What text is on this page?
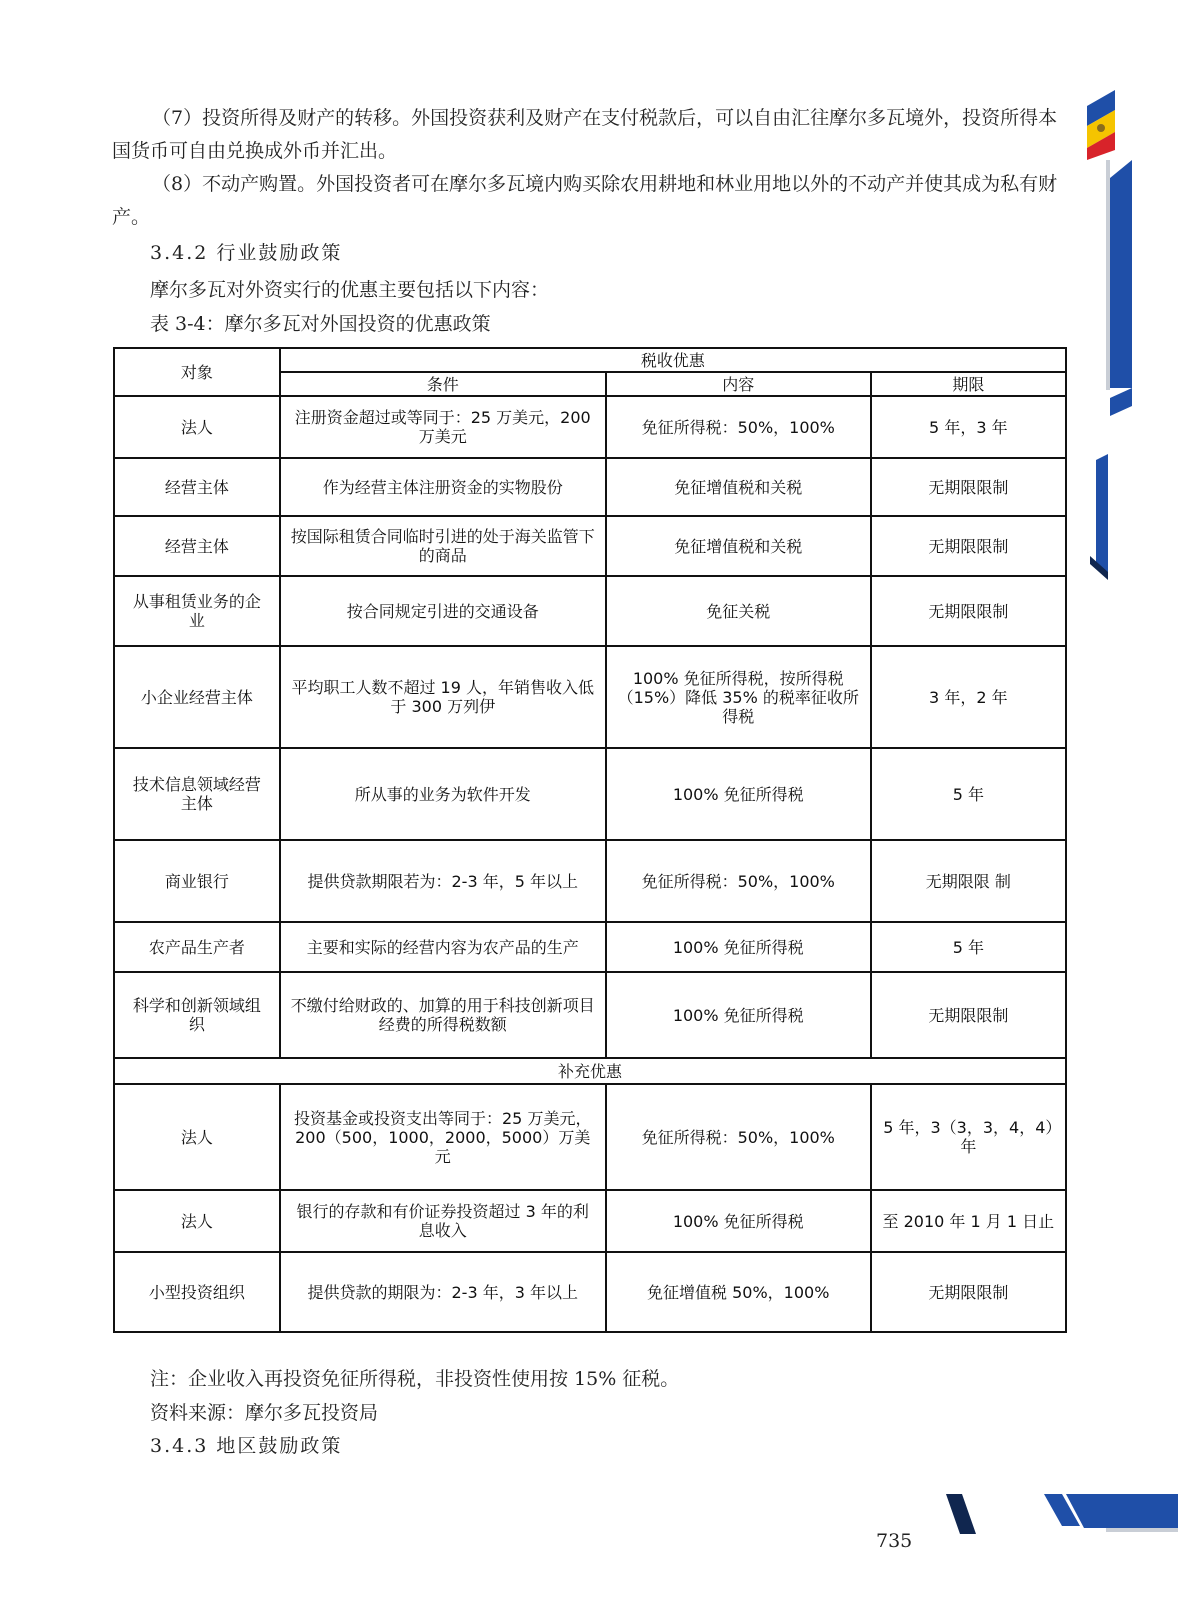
（7）投资所得及财产的转移。外国投资获利及财产在支付税款后，可以自由汇往摩尔多瓦境外，投资所得本国货币可自由兑换成外币并汇出。
（8）不动产购置。外国投资者可在摩尔多瓦境内购买除农用耕地和林业用地以外的不动产并使其成为私有财产。
3.4.2 行业鼓励政策
摩尔多瓦对外资实行的优惠主要包括以下内容：
表 3-4：摩尔多瓦对外国投资的优惠政策
对象	税收优惠		
	条件	内容	期限
法人	注册资金超过或等同于：25 万美元，200 万美元	免征所得税：50%，100%	5 年，3 年
经营主体	作为经营主体注册资金的实物股份	免征增值税和关税	无期限限制
经营主体	按国际租赁合同临时引进的处于海关监管下的商品	免征增值税和关税	无期限限制
从事租赁业务的企业	按合同规定引进的交通设备	免征关税	无期限限制
小企业经营主体	平均职工人数不超过 19 人，年销售收入低于 300 万列伊	100% 免征所得税，按所得税（15%）降低 35% 的税率征收所得税	3 年，2 年
技术信息领域经营主体	所从事的业务为软件开发	100% 免征所得税	5 年
商业银行	提供贷款期限若为：2-3 年，5 年以上	免征所得税：50%，100%	无期限限 制
农产品生产者	主要和实际的经营内容为农产品的生产	100% 免征所得税	5 年
科学和创新领域组织	不缴付给财政的、加算的用于科技创新项目经费的所得税数额	100% 免征所得税	无期限限制
补充优惠			
法人	投资基金或投资支出等同于：25 万美元，200（500，1000，2000，5000）万美元	免征所得税：50%，100%	5 年，3（3，3，4，4）年
法人	银行的存款和有价证券投资超过 3 年的利息收入	100% 免征所得税	至 2010 年 1 月 1 日止
小型投资组织	提供贷款的期限为：2-3 年，3 年以上	免征增值税 50%，100%	无期限限制
注：企业收入再投资免征所得税，非投资性使用按 15% 征税。
资料来源：摩尔多瓦投资局
3.4.3 地区鼓励政策
735
